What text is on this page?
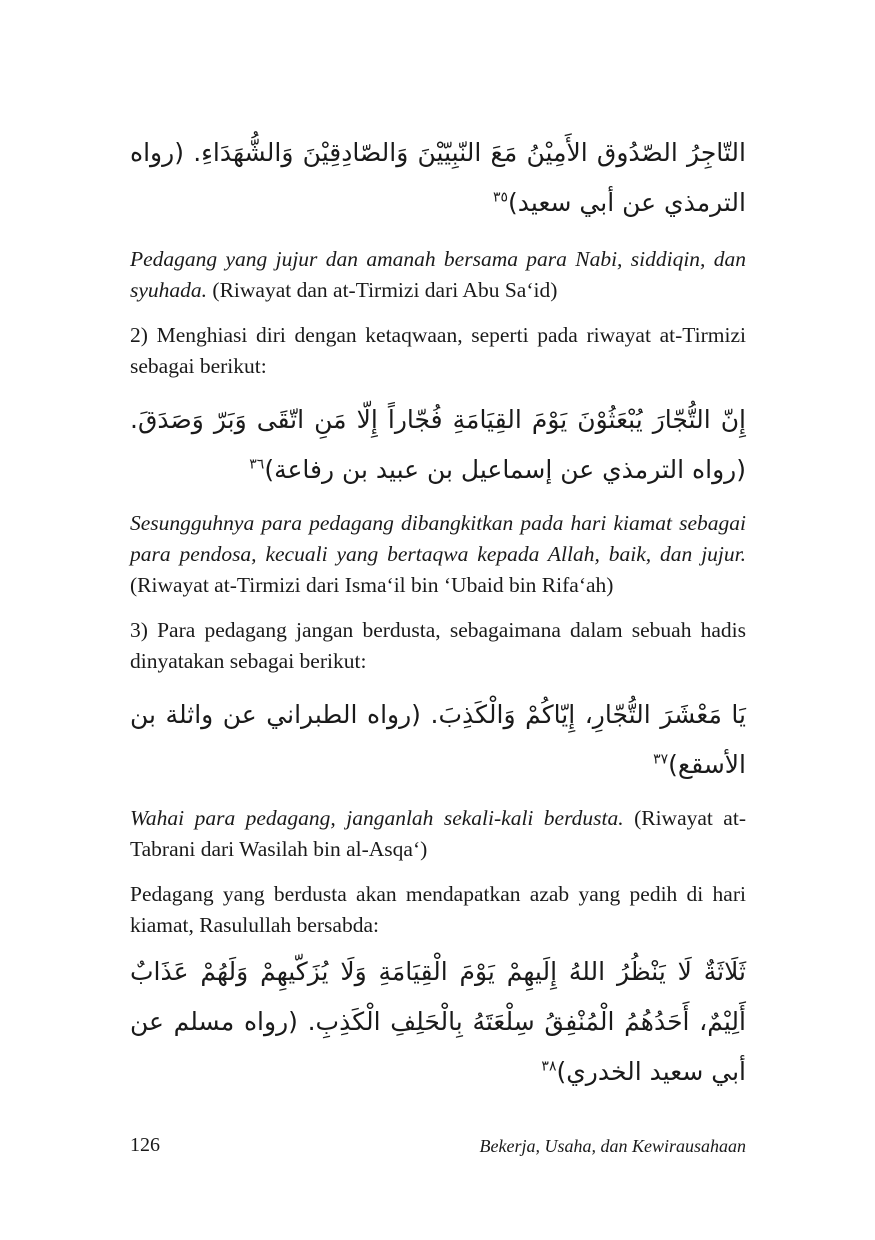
التّاجِرُ الصّدُوق الأَمِيْنُ مَعَ النّبِيّيْنَ وَالصّادِقِيْنَ وَالشُّهَدَاءِ. (رواه الترمذي عن أبي سعيد)$^{٣٥}$

Pedagang yang jujur dan amanah bersama para Nabi, siddiqin, dan syuhada. (Riwayat dan at-Tirmizi dari Abu Sa‘id)

2) Menghiasi diri dengan ketaqwaan, seperti pada riwayat at-Tirmizi sebagai berikut:

إِنّ التُّجّارَ يُبْعَثُوْنَ يَوْمَ القِيَامَةِ فُجّاراً إِلّا مَنِ اتّقَى وَبَرّ وَصَدَقَ.(رواه الترمذي عن إسماعيل بن عبيد بن رفاعة)$^{٣٦}$

Sesungguhnya para pedagang dibangkitkan pada hari kiamat sebagai para pendosa, kecuali yang bertaqwa kepada Allah, baik, dan jujur. (Riwayat at-Tirmizi dari Isma‘il bin ‘Ubaid bin Rifa‘ah)

3) Para pedagang jangan berdusta, sebagaimana dalam sebuah hadis dinyatakan sebagai berikut:

يَا مَعْشَرَ التُّجّارِ، إِيّاكُمْ وَالْكَذِبَ. (رواه الطبراني عن واثلة بن الأسقع)$^{٣٧}$

Wahai para pedagang, janganlah sekali-kali berdusta. (Riwayat at-Tabrani dari Wasilah bin al-Asqa‘)

Pedagang yang berdusta akan mendapatkan azab yang pedih di hari kiamat, Rasulullah bersabda:

ثَلَاثَةٌ لَا يَنْظُرُ اللهُ إِلَيهِمْ يَوْمَ الْقِيَامَةِ وَلَا يُزَكّيهِمْ وَلَهُمْ عَذَابٌ أَلِيْمٌ، أَحَدُهُمُ الْمُنْفِقُ سِلْعَتَهُ بِالْحَلِفِ الْكَذِبِ. (رواه مسلم عن أبي سعيد الخدري)$^{٣٨}$

126	Bekerja, Usaha, dan Kewirausahaan
